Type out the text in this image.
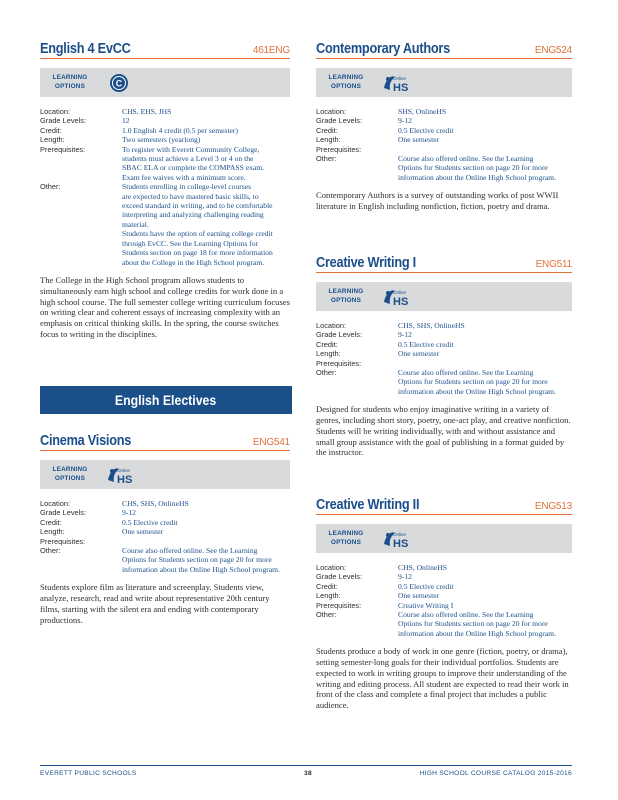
English 4 EvCC	461ENG
LEARNING OPTIONS	C
Location:	CHS, EHS, JHS
Grade Levels:	12
Credit:	1.0 English 4 credit (0.5 per semester)
Length:	Two semesters (yearlong)
Prerequisites:	To register with Everett Community College,
students must achieve a Level 3 or 4 on the
SBAC ELA or complete the COMPASS exam.
Exam fee waives with a minimum score.
Other:	Students enrolling in college-level courses
are expected to have mastered basic skills, to
exceed standard in writing, and to be comfortable
interpreting and analyzing challenging reading
material.
Students have the option of earning college credit
through EvCC. See the Learning Options for
Students section on page 18 for more information
about the College in the High School program.
The College in the High School program allows students to simultaneously earn high school and college credits for work done in a high school course. The full semester college writing curriculum focuses on writing clear and coherent essays of increasing complexity with an emphasis on critical thinking skills. In the spring, the course switches focus to writing in the disciplines.
English Electives
Cinema Visions	ENG541
LEARNING OPTIONS
Online
HS
Location:	CHS, SHS, OnlineHS
Grade Levels:	9-12
Credit:	0.5 Elective credit
Length:	One semester
Prerequisites:
Other:	Course also offered online. See the Learning
Options for Students section on page 20 for more
information about the Online High School program.
Students explore film as literature and screenplay. Students view, analyze, research, read and write about representative 20th century films, starting with the silent era and ending with contemporary productions.
Contemporary Authors	ENG524
LEARNING OPTIONS
Online
HS
Location:	SHS, OnlineHS
Grade Levels:	9-12
Credit:	0.5 Elective credit
Length:	One semester
Prerequisites:
Other:	Course also offered online. See the Learning
Options for Students section on page 20 for more
information about the Online High School program.
Contemporary Authors is a survey of outstanding works of post WWII literature in English including nonfiction, fiction, poetry and drama.
Creative Writing I	ENG511
LEARNING OPTIONS
Online
HS
Location:	CHS, SHS, OnlineHS
Grade Levels:	9-12
Credit:	0.5 Elective credit
Length:	One semester
Prerequisites:
Other:	Course also offered online. See the Learning
Options for Students section on page 20 for more
information about the Online High School program.
Designed for students who enjoy imaginative writing in a variety of genres, including short story, poetry, one-act play, and creative nonfiction. Students will be writing individually, with and without assistance and small group assistance with the goal of publishing in a format guided by the instructor.
Creative Writing II	ENG513
LEARNING OPTIONS
Online
HS
Location:	CHS, OnlineHS
Grade Levels:	9-12
Credit:	0.5 Elective credit
Length:	One semester
Prerequisites:	Creative Writing I
Other:	Course also offered online. See the Learning
Options for Students section on page 20 for more
information about the Online High School program.
Students produce a body of work in one genre (fiction, poetry, or drama), setting semester-long goals for their individual portfolios. Students are expected to work in writing groups to improve their understanding of the writing and editing process. All student are expected to read their work in front of the class and complete a final project that includes a public audience.
EVERETT PUBLIC SCHOOLS	38	HIGH SCHOOL COURSE CATALOG 2015-2016
